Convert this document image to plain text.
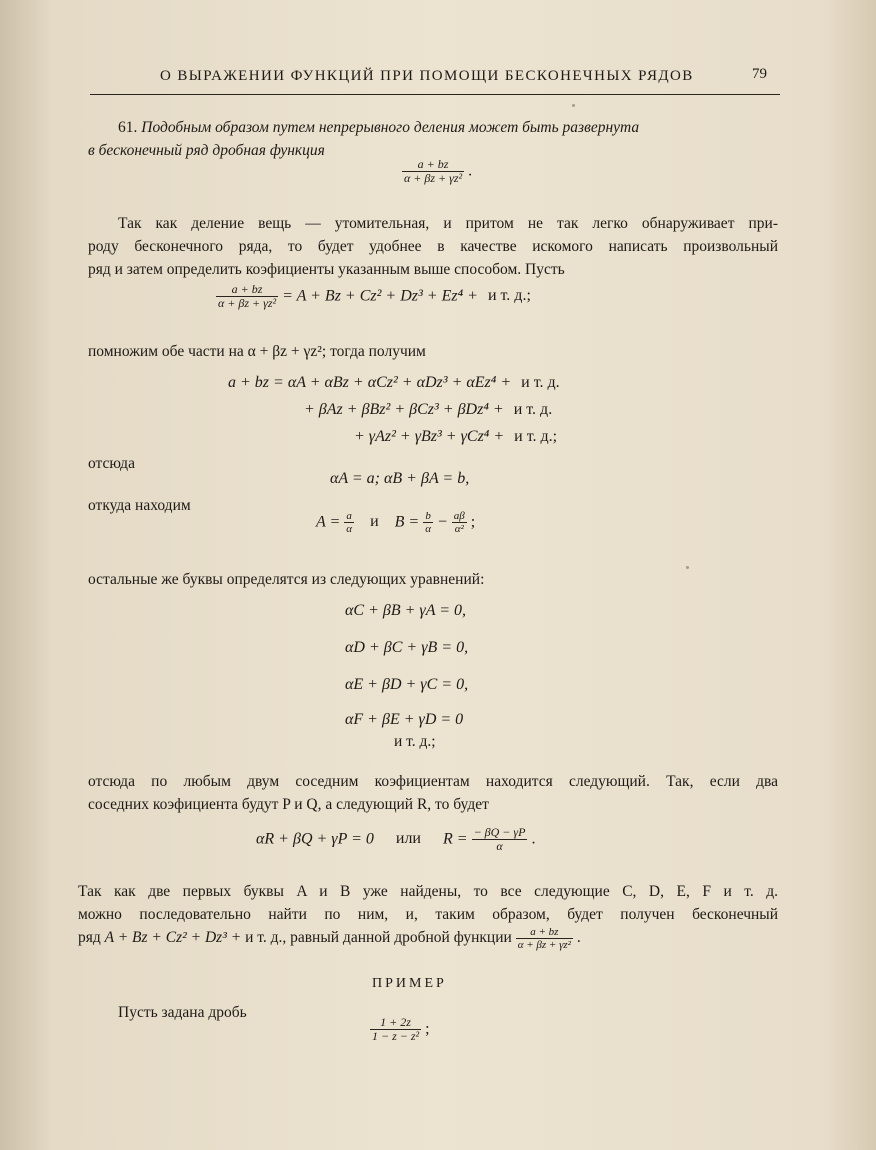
О ВЫРАЖЕНИИ ФУНКЦИЙ ПРИ ПОМОЩИ БЕСКОНЕЧНЫХ РЯДОВ	79
61. Подобным образом путем непрерывного деления может быть развернута
в бесконечный ряд дробная функция
$\frac{a + bz}{\text{α + βz + γz²}}$ .
Так как деление вещь — утомительная, и притом не так легко обнаруживает при-
роду бесконечного ряда, то будет удобнее в качестве искомого написать произвольный
ряд и затем определить коэфициенты указанным выше способом. Пусть
$\frac{a + bz}{\text{α + βz + γz²}} = A + Bz + Cz^2 + Dz^3 + Ez^4 + и$ т. д.;
помножим обе части на α + βz + γz²; тогда получим
a + bz = αA + αBz + αCz² + αDz³ + αEz⁴ + и т. д.
+ βAz + βBz² + βCz³ + βDz⁴ + и т. д.
+ γAz² + γBz³ + γCz⁴ + и т. д.;
отсюда
αA = a; αB + βA = b,
откуда находим
$A = \frac{a}{\alpha}$ и $B = \frac{b}{\alpha} - \frac{a\beta}{\text{α²}}$ ;
остальные же буквы определятся из следующих уравнений:
αC + βB + γA = 0,
αD + βC + γB = 0,
αE + βD + γC = 0,
αF + βE + γD = 0
и т. д.;
отсюда по любым двум соседним коэфициентам находится следующий. Так, если два
соседних коэфициента будут P и Q, а следующий R, то будет
αR + βQ + γP = 0 или $R = \frac{- \beta Q - \gamma P}{\alpha}$ .
Так как две первых буквы A и B уже найдены, то все следующие C, D, E, F и т. д.
можно последовательно найти по ним, и, таким образом, будет получен бесконечный
ряд A + Bz + Cz² + Dz³ + и т. д., равный данной дробной функции $\frac{a + bz}{\text{α + βz + γz²}}$ .
ПРИМЕР
Пусть задана дробь
$\frac{1 + 2z}{\text{1 − z − z²}}$ ;
